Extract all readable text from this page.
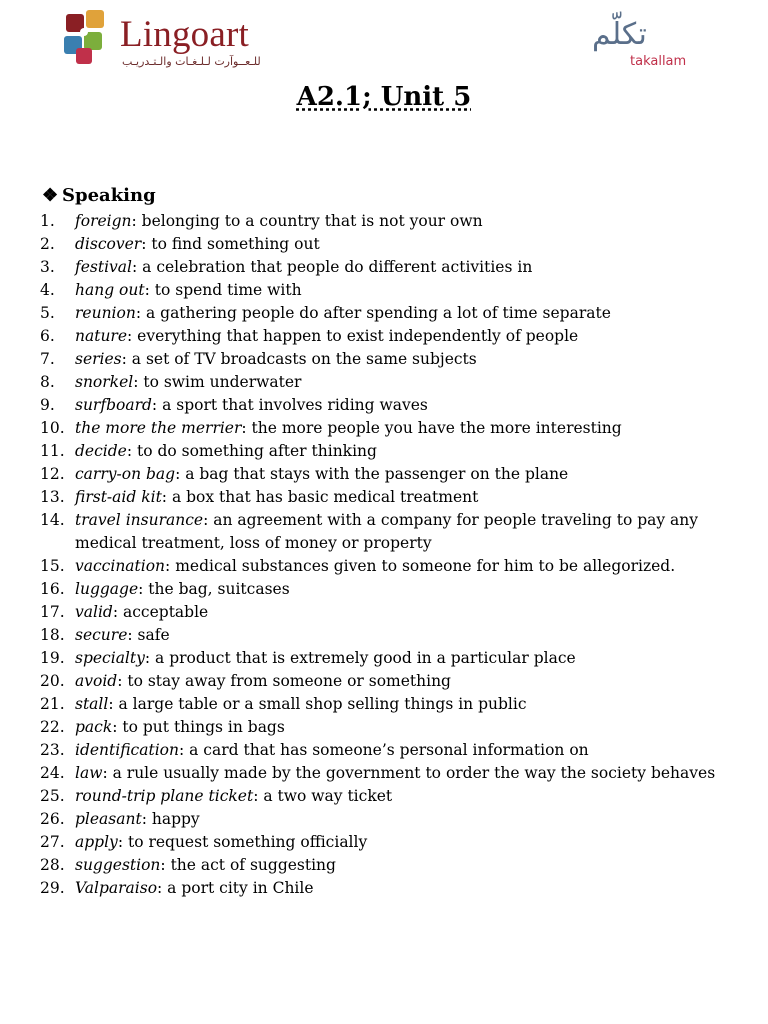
Lingoart
للـعــوآرت لـلـغـات والـتـدريـب
تكلّم
takallam
A2.1; Unit 5
❖ Speaking
1. foreign: belonging to a country that is not your own
2. discover: to find something out
3. festival: a celebration that people do different activities in
4. hang out: to spend time with
5. reunion: a gathering people do after spending a lot of time separate
6. nature: everything that happen to exist independently of people
7. series: a set of TV broadcasts on the same subjects
8. snorkel: to swim underwater
9. surfboard: a sport that involves riding waves
10. the more the merrier: the more people you have the more interesting
11. decide: to do something after thinking
12. carry-on bag: a bag that stays with the passenger on the plane
13. first-aid kit: a box that has basic medical treatment
14. travel insurance: an agreement with a company for people traveling to pay any medical treatment, loss of money or property
15. vaccination: medical substances given to someone for him to be allegorized.
16. luggage: the bag, suitcases
17. valid: acceptable
18. secure: safe
19. specialty: a product that is extremely good in a particular place
20. avoid: to stay away from someone or something
21. stall: a large table or a small shop selling things in public
22. pack: to put things in bags
23. identification: a card that has someone’s personal information on
24. law: a rule usually made by the government to order the way the society behaves
25. round-trip plane ticket: a two way ticket
26. pleasant: happy
27. apply: to request something officially
28. suggestion: the act of suggesting
29. Valparaiso: a port city in Chile
